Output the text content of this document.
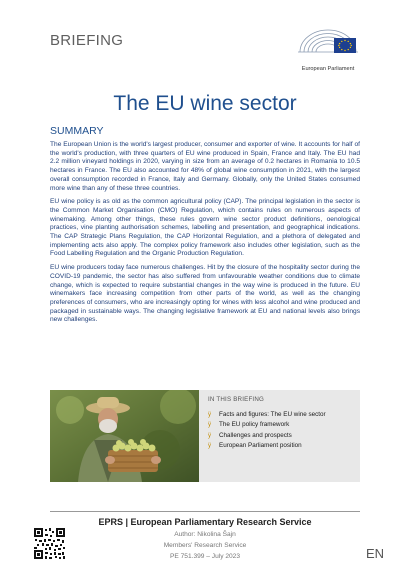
BRIEFING
European Parliament
The EU wine sector
SUMMARY

The European Union is the world's largest producer, consumer and exporter of wine. It accounts for half of the world's production, with three quarters of EU wine produced in Spain, France and Italy. The EU had 2.2 million vineyard holdings in 2020, varying in size from an average of 0.2 hectares in Romania to 10.5 hectares in France. The EU also accounted for 48% of global wine consumption in 2021, with the largest overall consumption recorded in France, Italy and Germany. Globally, only the United States consumed more wine than any of these three countries.

EU wine policy is as old as the common agricultural policy (CAP). The principal legislation in the sector is the Common Market Organisation (CMO) Regulation, which contains rules on numerous aspects of winemaking. Among other things, these rules govern wine sector product definitions, oenological practices, vine planting authorisation schemes, labelling and presentation, and geographical indications. The CAP Strategic Plans Regulation, the CAP Horizontal Regulation, and a plethora of delegated and implementing acts also apply. The complex policy framework also includes other legislation, such as the Food Labelling Regulation and the Organic Production Regulation.

EU wine producers today face numerous challenges. Hit by the closure of the hospitality sector during the COVID-19 pandemic, the sector has also suffered from unfavourable weather conditions due to climate change, which is expected to require substantial changes in the way wine is produced in the future. EU winemakers face increasing competition from other parts of the world, as well as the changing preferences of consumers, who are increasingly opting for wines with less alcohol and wine produced and packaged in sustainable ways. The changing legislative framework at EU and national levels also brings new challenges.

IN THIS BRIEFING
ÿ Facts and figures: The EU wine sector
ÿ The EU policy framework
ÿ Challenges and prospects
ÿ European Parliament position
EPRS | European Parliamentary Research Service
Author: Nikolina Šajn
Members' Research Service
PE 751.399 – July 2023	EN
